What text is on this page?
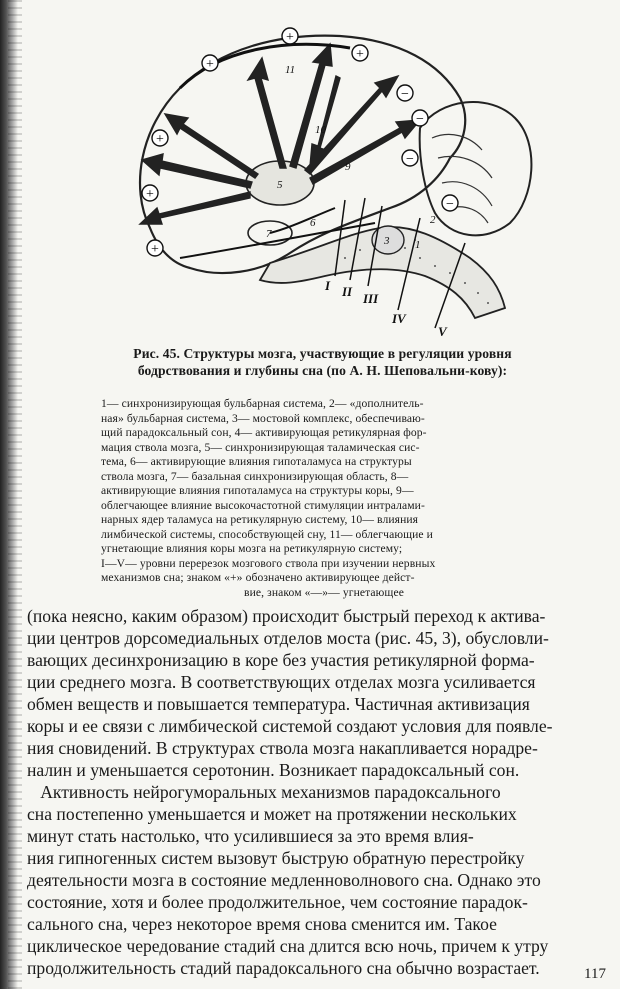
+
+
+
+
+
+
−
−
−
−
1
2
3
5
6
7
9
10
11
I II III
IV
V
Рис. 45. Структуры мозга, участвующие в регуляции уровня бодрствования и глубины сна (по А. Н. Шеповальни-кову):
1— синхронизирующая бульбарная система, 2— «дополнитель-
ная» бульбарная система, 3— мостовой комплекс, обеспечиваю-
щий парадоксальный сон, 4— активирующая ретикулярная фор-
мация ствола мозга, 5— синхронизирующая таламическая сис-
тема, 6— активирующие влияния гипоталамуса на структуры
ствола мозга, 7— базальная синхронизирующая область, 8—
активирующие влияния гипоталамуса на структуры коры, 9—
облегчающее влияние высокочастотной стимуляции интралами-
нарных ядер таламуса на ретикулярную систему, 10— влияния
лимбической системы, способствующей сну, 11— облегчающие и
угнетающие влияния коры мозга на ретикулярную систему;
I—V— уровни перерезок мозгового ствола при изучении нервных
механизмов сна; знаком «+» обозначено активирующее дейст-
вие, знаком «—»— угнетающее
(пока неясно, каким образом) происходит быстрый переход к актива-
ции центров дорсомедиальных отделов моста (рис. 45, 3), обусловли-
вающих десинхронизацию в коре без участия ретикулярной форма-
ции среднего мозга. В соответствующих отделах мозга усиливается
обмен веществ и повышается температура. Частичная активизация
коры и ее связи с лимбической системой создают условия для появле-
ния сновидений. В структурах ствола мозга накапливается норадре-
налин и уменьшается серотонин. Возникает парадоксальный сон.
Активность нейрогуморальных механизмов парадоксального
сна постепенно уменьшается и может на протяжении нескольких
минут стать настолько, что усилившиеся за это время влия-
ния гипногенных систем вызовут быструю обратную перестройку
деятельности мозга в состояние медленноволнового сна. Однако это
состояние, хотя и более продолжительное, чем состояние парадок-
сального сна, через некоторое время снова сменится им. Такое
циклическое чередование стадий сна длится всю ночь, причем к утру
продолжительность стадий парадоксального сна обычно возрастает.	117
